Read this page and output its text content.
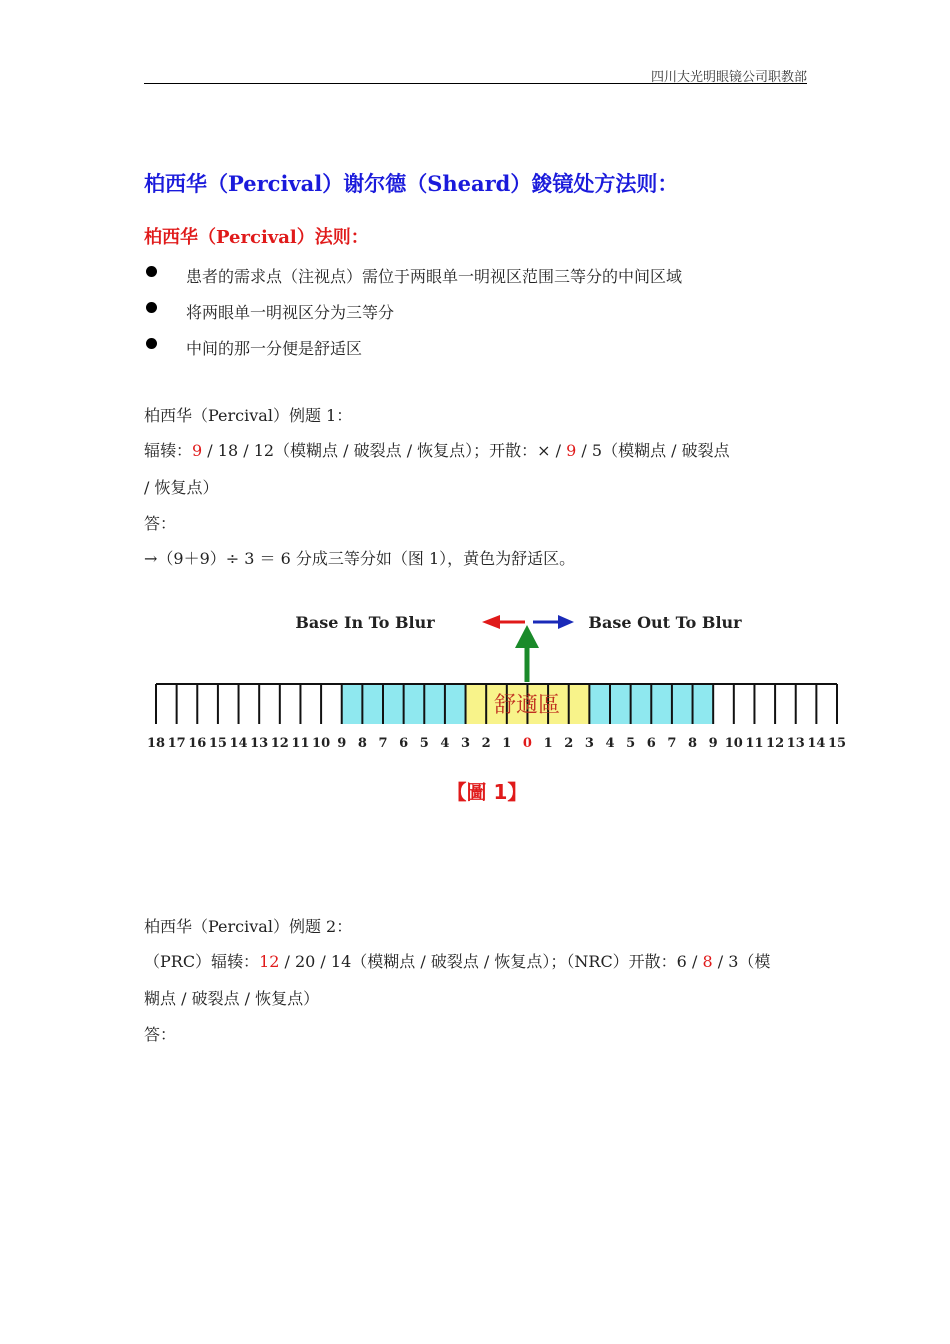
四川大光明眼镜公司职教部
柏西华（Percival）谢尔德（Sheard）鋑镜处方法则：
柏西华（Percival）法则：
患者的需求点（注视点）需位于两眼单一明视区范围三等分的中间区域
将两眼单一明视区分为三等分
中间的那一分便是舒适区
柏西华（Percival）例题 1：
辐辏：9 / 18 / 12（模糊点 / 破裂点 / 恢复点）；开散：× / 9 / 5（模糊点 / 破裂点
/ 恢复点）
答：
→（9＋9）÷ 3 ＝ 6 分成三等分如（图 1），黄色为舒适区。
18 17 16 15 14 13 12 11 10 9 8 7 6 5 4 3 2 1 0 1 2 3 4 5 6 7 8 9 10 11 12 13 14 15
Base In To Blur	Base Out To Blur
舒適區
【圖 1】
柏西华（Percival）例题 2：
（PRC）辐辏：12 / 20 / 14（模糊点 / 破裂点 / 恢复点）；（NRC）开散：6 / 8 / 3（模
糊点 / 破裂点 / 恢复点）
答：
